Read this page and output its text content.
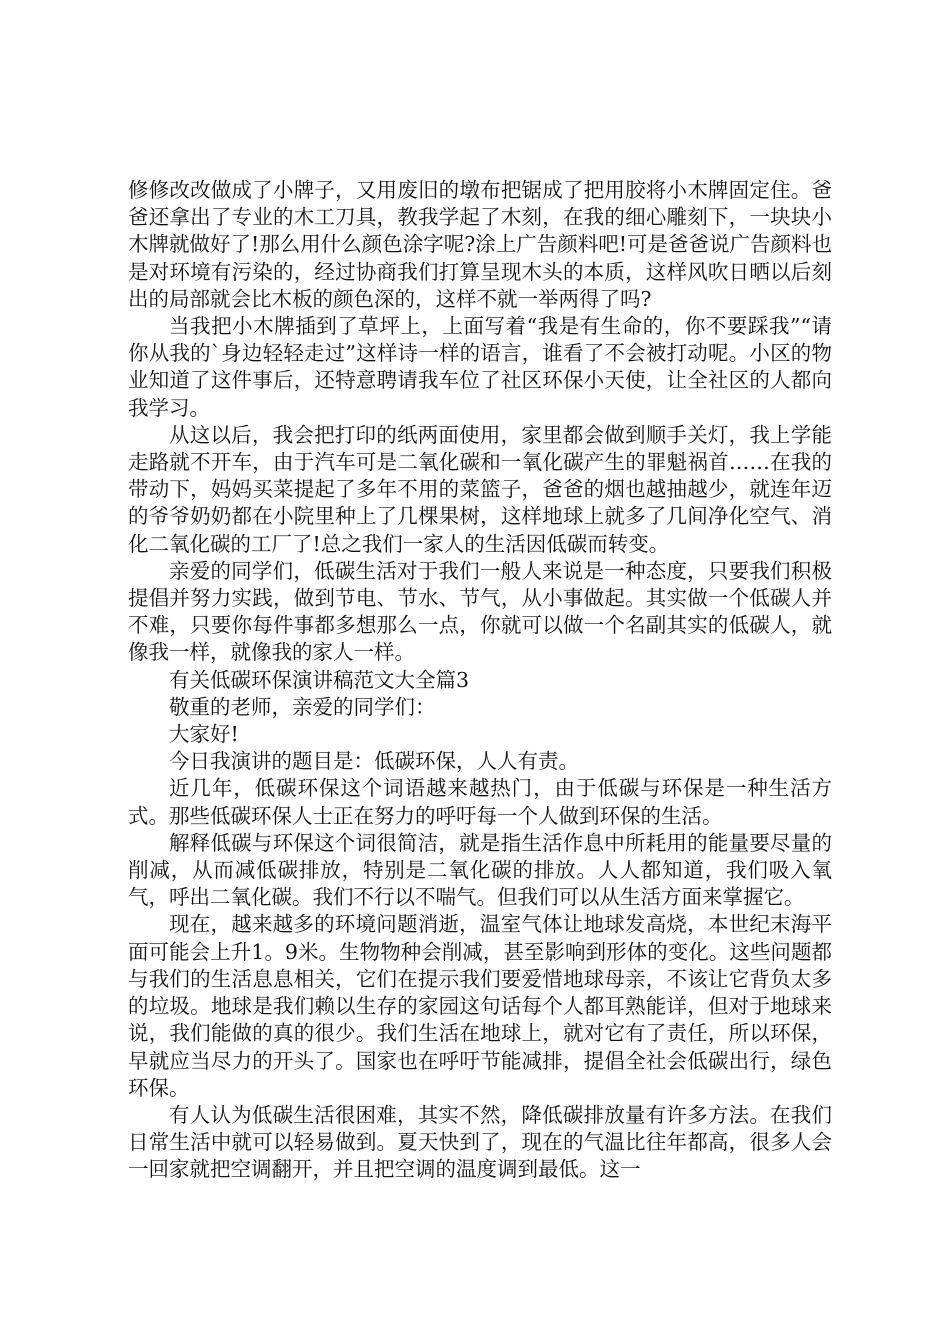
修修改改做成了小牌子，又用废旧的墩布把锯成了把用胶将小木牌固定住。爸爸还拿出了专业的木工刀具，教我学起了木刻，在我的细心雕刻下，一块块小木牌就做好了!那么用什么颜色涂字呢?涂上广告颜料吧!可是爸爸说广告颜料也是对环境有污染的，经过协商我们打算呈现木头的本质，这样风吹日晒以后刻出的局部就会比木板的颜色深的，这样不就一举两得了吗?

当我把小木牌插到了草坪上，上面写着“我是有生命的，你不要踩我”“请你从我的`身边轻轻走过”这样诗一样的语言，谁看了不会被打动呢。小区的物业知道了这件事后，还特意聘请我车位了社区环保小天使，让全社区的人都向我学习。

从这以后，我会把打印的纸两面使用，家里都会做到顺手关灯，我上学能走路就不开车，由于汽车可是二氧化碳和一氧化碳产生的罪魁祸首……在我的带动下，妈妈买菜提起了多年不用的菜篮子，爸爸的烟也越抽越少，就连年迈的爷爷奶奶都在小院里种上了几棵果树，这样地球上就多了几间净化空气、消化二氧化碳的工厂了!总之我们一家人的生活因低碳而转变。

亲爱的同学们，低碳生活对于我们一般人来说是一种态度，只要我们积极提倡并努力实践，做到节电、节水、节气，从小事做起。其实做一个低碳人并不难，只要你每件事都多想那么一点，你就可以做一个名副其实的低碳人，就像我一样，就像我的家人一样。

有关低碳环保演讲稿范文大全篇3

敬重的老师，亲爱的同学们：

大家好!

今日我演讲的题目是：低碳环保，人人有责。

近几年，低碳环保这个词语越来越热门，由于低碳与环保是一种生活方式。那些低碳环保人士正在努力的呼吁每一个人做到环保的生活。

解释低碳与环保这个词很简洁，就是指生活作息中所耗用的能量要尽量的削减，从而减低碳排放，特别是二氧化碳的排放。人人都知道，我们吸入氧气，呼出二氧化碳。我们不行以不喘气。但我们可以从生活方面来掌握它。

现在，越来越多的环境问题消逝，温室气体让地球发高烧，本世纪末海平面可能会上升1。9米。生物物种会削减，甚至影响到形体的变化。这些问题都与我们的生活息息相关，它们在提示我们要爱惜地球母亲，不该让它背负太多的垃圾。地球是我们赖以生存的家园这句话每个人都耳熟能详，但对于地球来说，我们能做的真的很少。我们生活在地球上，就对它有了责任，所以环保，早就应当尽力的开头了。国家也在呼吁节能减排，提倡全社会低碳出行，绿色环保。

有人认为低碳生活很困难，其实不然，降低碳排放量有许多方法。在我们日常生活中就可以轻易做到。夏天快到了，现在的气温比往年都高，很多人会一回家就把空调翻开，并且把空调的温度调到最低。这一
